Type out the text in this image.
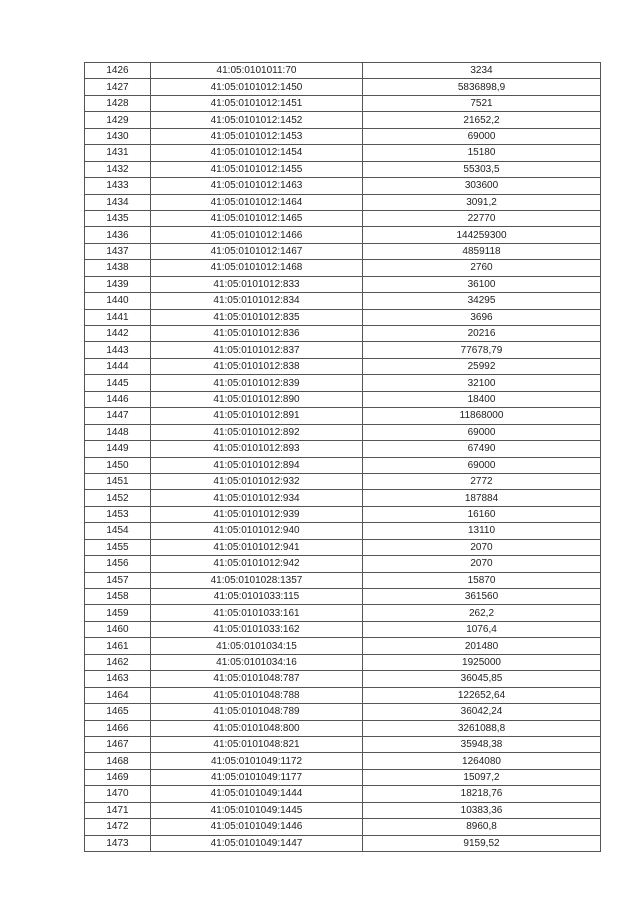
1426	41:05:0101011:70	3234
1427	41:05:0101012:1450	5836898,9
1428	41:05:0101012:1451	7521
1429	41:05:0101012:1452	21652,2
1430	41:05:0101012:1453	69000
1431	41:05:0101012:1454	15180
1432	41:05:0101012:1455	55303,5
1433	41:05:0101012:1463	303600
1434	41:05:0101012:1464	3091,2
1435	41:05:0101012:1465	22770
1436	41:05:0101012:1466	144259300
1437	41:05:0101012:1467	4859118
1438	41:05:0101012:1468	2760
1439	41:05:0101012:833	36100
1440	41:05:0101012:834	34295
1441	41:05:0101012:835	3696
1442	41:05:0101012:836	20216
1443	41:05:0101012:837	77678,79
1444	41:05:0101012:838	25992
1445	41:05:0101012:839	32100
1446	41:05:0101012:890	18400
1447	41:05:0101012:891	11868000
1448	41:05:0101012:892	69000
1449	41:05:0101012:893	67490
1450	41:05:0101012:894	69000
1451	41:05:0101012:932	2772
1452	41:05:0101012:934	187884
1453	41:05:0101012:939	16160
1454	41:05:0101012:940	13110
1455	41:05:0101012:941	2070
1456	41:05:0101012:942	2070
1457	41:05:0101028:1357	15870
1458	41:05:0101033:115	361560
1459	41:05:0101033:161	262,2
1460	41:05:0101033:162	1076,4
1461	41:05:0101034:15	201480
1462	41:05:0101034:16	1925000
1463	41:05:0101048:787	36045,85
1464	41:05:0101048:788	122652,64
1465	41:05:0101048:789	36042,24
1466	41:05:0101048:800	3261088,8
1467	41:05:0101048:821	35948,38
1468	41:05:0101049:1172	1264080
1469	41:05:0101049:1177	15097,2
1470	41:05:0101049:1444	18218,76
1471	41:05:0101049:1445	10383,36
1472	41:05:0101049:1446	8960,8
1473	41:05:0101049:1447	9159,52
